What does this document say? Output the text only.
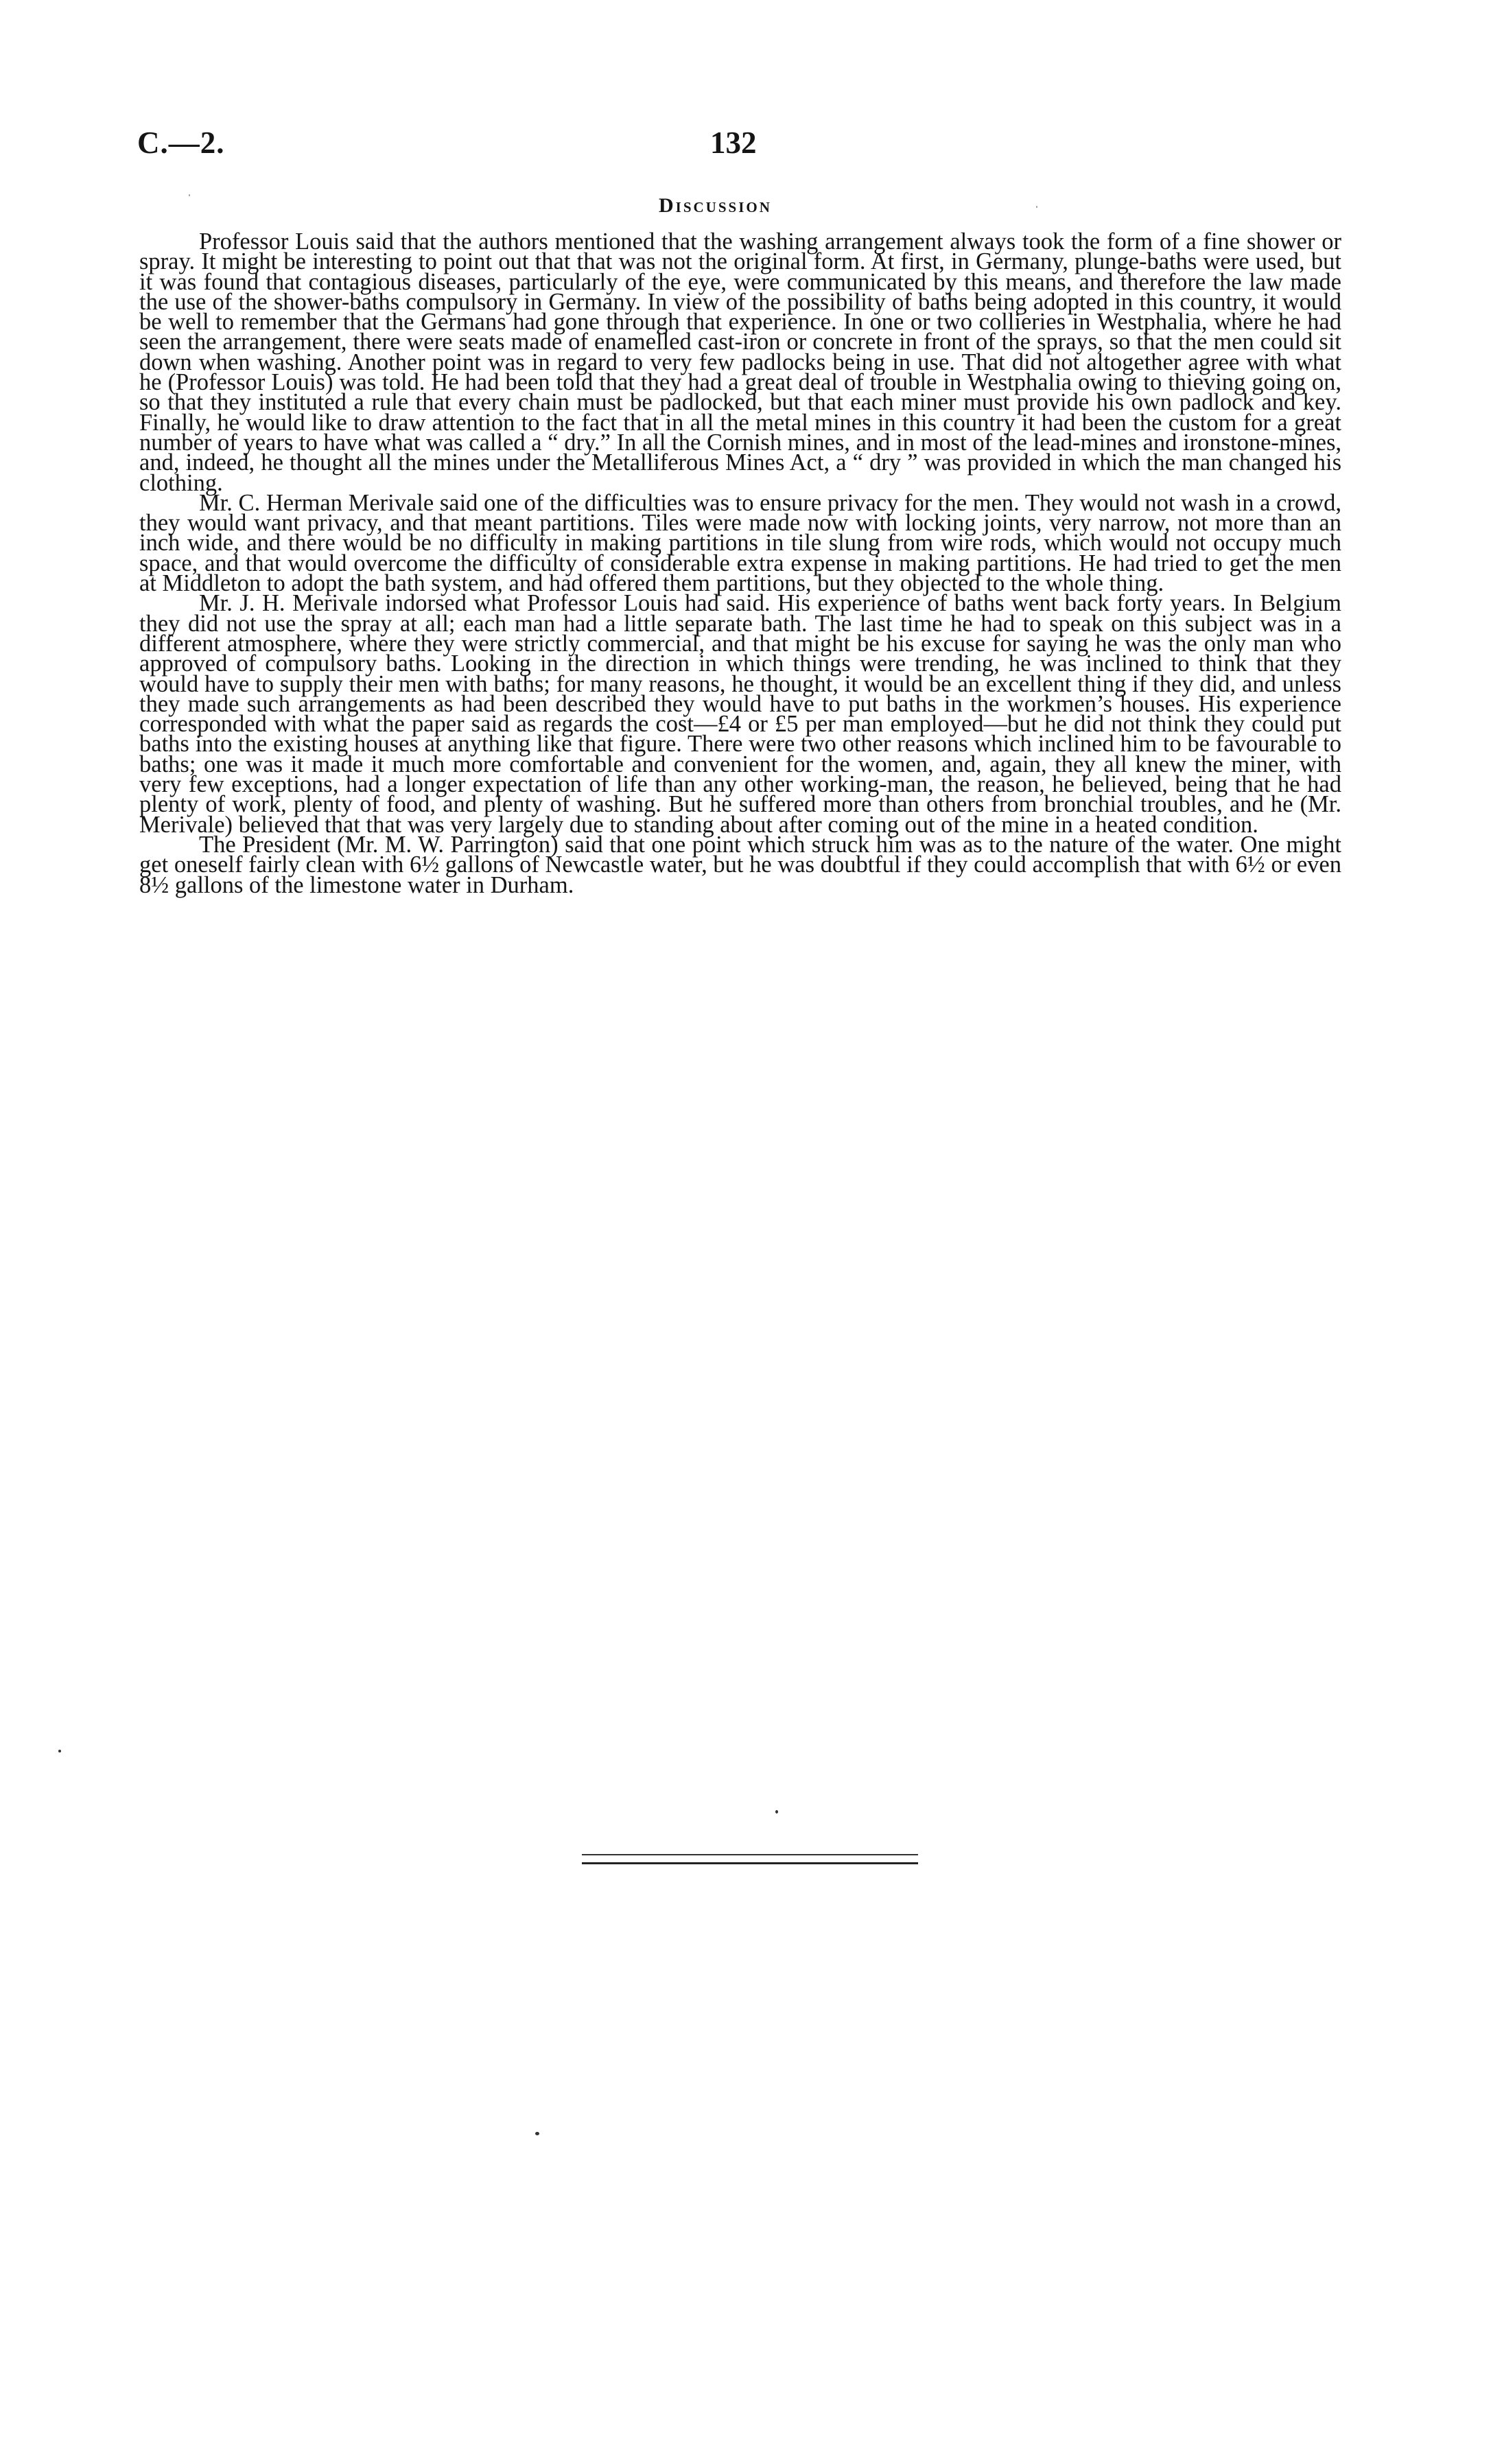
C.—2.	132
Discussion

Professor Louis said that the authors mentioned that the washing arrangement always took the form of a fine shower or spray. It might be interesting to point out that that was not the original form. At first, in Germany, plunge-baths were used, but it was found that contagious diseases, particularly of the eye, were communicated by this means, and therefore the law made the use of the shower-baths compulsory in Germany. In view of the possibility of baths being adopted in this country, it would be well to remember that the Germans had gone through that experience. In one or two collieries in Westphalia, where he had seen the arrangement, there were seats made of enamelled cast-iron or concrete in front of the sprays, so that the men could sit down when washing. Another point was in regard to very few padlocks being in use. That did not altogether agree with what he (Professor Louis) was told. He had been told that they had a great deal of trouble in Westphalia owing to thieving going on, so that they instituted a rule that every chain must be padlocked, but that each miner must provide his own padlock and key. Finally, he would like to draw attention to the fact that in all the metal mines in this country it had been the custom for a great number of years to have what was called a “ dry.” In all the Cornish mines, and in most of the lead-mines and ironstone-mines, and, indeed, he thought all the mines under the Metalliferous Mines Act, a “ dry ” was provided in which the man changed his clothing.

Mr. C. Herman Merivale said one of the difficulties was to ensure privacy for the men. They would not wash in a crowd, they would want privacy, and that meant partitions. Tiles were made now with locking joints, very narrow, not more than an inch wide, and there would be no difficulty in making partitions in tile slung from wire rods, which would not occupy much space, and that would overcome the difficulty of considerable extra expense in making partitions. He had tried to get the men at Middleton to adopt the bath system, and had offered them partitions, but they objected to the whole thing.

Mr. J. H. Merivale indorsed what Professor Louis had said. His experience of baths went back forty years. In Belgium they did not use the spray at all; each man had a little separate bath. The last time he had to speak on this subject was in a different atmosphere, where they were strictly commercial, and that might be his excuse for saying he was the only man who approved of compulsory baths. Looking in the direction in which things were trending, he was inclined to think that they would have to supply their men with baths; for many reasons, he thought, it would be an excellent thing if they did, and unless they made such arrangements as had been described they would have to put baths in the workmen’s houses. His experience corresponded with what the paper said as regards the cost—£4 or £5 per man employed—but he did not think they could put baths into the existing houses at anything like that figure. There were two other reasons which inclined him to be favourable to baths; one was it made it much more comfortable and convenient for the women, and, again, they all knew the miner, with very few exceptions, had a longer expectation of life than any other working-man, the reason, he believed, being that he had plenty of work, plenty of food, and plenty of washing. But he suffered more than others from bronchial troubles, and he (Mr. Merivale) believed that that was very largely due to standing about after coming out of the mine in a heated condition.

The President (Mr. M. W. Parrington) said that one point which struck him was as to the nature of the water. One might get oneself fairly clean with 6½ gallons of Newcastle water, but he was doubtful if they could accomplish that with 6½ or even 8½ gallons of the limestone water in Durham.
